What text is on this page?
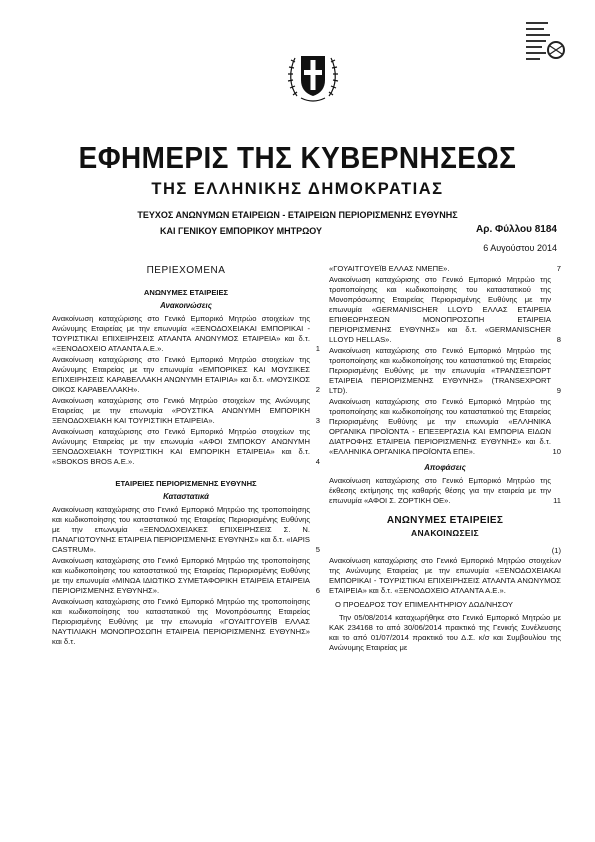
ΕΦΗΜΕΡΙΣ ΤΗΣ ΚΥΒΕΡΝΗΣΕΩΣ
ΤΗΣ ΕΛΛΗΝΙΚΗΣ ΔΗΜΟΚΡΑΤΙΑΣ
ΤΕΥΧΟΣ ΑΝΩΝΥΜΩΝ ΕΤΑΙΡΕΙΩΝ - ΕΤΑΙΡΕΙΩΝ ΠΕΡΙΟΡΙΣΜΕΝΗΣ ΕΥΘΥΝΗΣ
ΚΑΙ ΓΕΝΙΚΟΥ ΕΜΠΟΡΙΚΟΥ ΜΗΤΡΩΟΥ	Αρ. Φύλλου 8184
6 Αυγούστου 2014
ΠΕΡΙΕΧΟΜΕΝΑ
ΑΝΩΝΥΜΕΣ ΕΤΑΙΡΕΙΕΣ
Ανακοινώσεις
Ανακοίνωση καταχώρισης στο Γενικό Εμπορικό Μητρώο στοιχείων της Ανώνυμης Εταιρείας με την επωνυμία «ΞΕΝΟΔΟΧΕΙΑΚΑΙ ΕΜΠΟΡΙΚΑΙ - ΤΟΥΡΙΣΤΙΚΑΙ ΕΠΙΧΕΙΡΗΣΕΙΣ ΑΤΛΑΝΤΑ ΑΝΩΝΥΜΟΣ ΕΤΑΙΡΕΙΑ» και δ.τ. «ΞΕΝΟΔΟΧΕΙΟ ΑΤΛΑΝΤΑ Α.Ε.».	1
Ανακοίνωση καταχώρισης στο Γενικό Εμπορικό Μητρώο στοιχείων της Ανώνυμης Εταιρείας με την επωνυμία «ΕΜΠΟΡΙΚΕΣ ΚΑΙ ΜΟΥΣΙΚΕΣ ΕΠΙΧΕΙΡΗΣΕΙΣ ΚΑΡΑΒΕΛΛΑΚΗ ΑΝΩΝΥΜΗ ΕΤΑΙΡΙΑ» και δ.τ. «ΜΟΥΣΙΚΟΣ ΟΙΚΟΣ ΚΑΡΑΒΕΛΛΑΚΗ».	2
Ανακοίνωση καταχώρισης στο Γενικό Μητρώο στοιχείων της Ανώνυμης Εταιρείας με την επωνυμία «ΡΟΥΣΤΙΚΑ ΑΝΩΝΥΜΗ ΕΜΠΟΡΙΚΗ ΞΕΝΟΔΟΧΕΙΑΚΗ ΚΑΙ ΤΟΥΡΙΣΤΙΚΗ ΕΤΑΙΡΕΙΑ».	3
Ανακοίνωση καταχώρισης στο Γενικό Εμπορικό Μητρώο στοιχείων της Ανώνυμης Εταιρείας με την επωνυμία «ΑΦΟΙ ΣΜΠΟΚΟΥ ΑΝΩΝΥΜΗ ΞΕΝΟΔΟΧΕΙΑΚΗ ΤΟΥΡΙΣΤΙΚΗ ΚΑΙ ΕΜΠΟΡΙΚΗ ΕΤΑΙΡΕΙΑ» και δ.τ. «SBOKOS BROS A.E.».	4
ΕΤΑΙΡΕΙΕΣ ΠΕΡΙΟΡΙΣΜΕΝΗΣ ΕΥΘΥΝΗΣ
Καταστατικά
Ανακοίνωση καταχώρισης στο Γενικό Εμπορικό Μητρώο της τροποποίησης και κωδικοποίησης του καταστατικού της Εταιρείας Περιορισμένης Ευθύνης με την επωνυμία «ΞΕΝΟΔΟΧΕΙΑΚΕΣ ΕΠΙΧΕΙΡΗΣΕΙΣ Σ. Ν. ΠΑΝΑΓΙΩΤΟΥΝΗΣ ΕΤΑΙΡΕΙΑ ΠΕΡΙΟΡΙΣΜΕΝΗΣ ΕΥΘΥΝΗΣ» και δ.τ. «IAPIS CASTRUM».	5
Ανακοίνωση καταχώρισης στο Γενικό Εμπορικό Μητρώο της τροποποίησης και κωδικοποίησης του καταστατικού της Εταιρείας Περιορισμένης Ευθύνης με την επωνυμία «ΜΙΝΩΑ ΙΔΙΩΤΙΚΟ ΣΥΜΕΤΑΦΟΡΙΚΗ ΕΤΑΙΡΕΙΑ ΕΤΑΙΡΕΙΑ ΠΕΡΙΟΡΙΣΜΕΝΗΣ ΕΥΘΥΝΗΣ».	6
Ανακοίνωση καταχώρισης στο Γενικό Εμπορικό Μητρώο της τροποποίησης και κωδικοποίησης του καταστατικού της Μονοπρόσωπης Εταιρείας Περιορισμένης Ευθύνης με την επωνυμία «ΓΟΥΑΙΤΓΟΥΕΪΒ ΕΛΛΑΣ ΝΑΥΤΙΛΙΑΚΗ ΜΟΝΟΠΡΟΣΩΠΗ ΕΤΑΙΡΕΙΑ ΠΕΡΙΟΡΙΣΜΕΝΗΣ ΕΥΘΥΝΗΣ» και δ.τ.
«ΓΟΥΑΙΤΓΟΥΕΪΒ ΕΛΛΑΣ ΝΜΕΠΕ».	7
Ανακοίνωση καταχώρισης στο Γενικό Εμπορικό Μητρώο της τροποποίησης και κωδικοποίησης του καταστατικού της Μονοπρόσωπης Εταιρείας Περιορισμένης Ευθύνης με την επωνυμία «GERMANISCHER LLOYD ΕΛΛΑΣ ΕΤΑΙΡΕΙΑ ΕΠΙΘΕΩΡΗΣΕΩΝ ΜΟΝΟΠΡΟΣΩΠΗ ΕΤΑΙΡΕΙΑ ΠΕΡΙΟΡΙΣΜΕΝΗΣ ΕΥΘΥΝΗΣ» και δ.τ. «GERMANISCHER LLOYD HELLAS».	8
Ανακοίνωση καταχώρισης στο Γενικό Εμπορικό Μητρώο της τροποποίησης και κωδικοποίησης του καταστατικού της Εταιρείας Περιορισμένης Ευθύνης με την επωνυμία «ΤΡΑΝΣΕΞΠΟΡΤ ΕΤΑΙΡΕΙΑ ΠΕΡΙΟΡΙΣΜΕΝΗΣ ΕΥΘΥΝΗΣ» (TRANSEXPORT LTD).	9
Ανακοίνωση καταχώρισης στο Γενικό Εμπορικό Μητρώο της τροποποίησης και κωδικοποίησης του καταστατικού της Εταιρείας Περιορισμένης Ευθύνης με την επωνυμία «ΕΛΛΗΝΙΚΑ ΟΡΓΑΝΙΚΑ ΠΡΟΪΟΝΤΑ - ΕΠΕΞΕΡΓΑΣΙΑ ΚΑΙ ΕΜΠΟΡΙΑ ΕΙΔΩΝ ΔΙΑΤΡΟΦΗΣ ΕΤΑΙΡΕΙΑ ΠΕΡΙΟΡΙΣΜΕΝΗΣ ΕΥΘΥΝΗΣ» και δ.τ. «ΕΛΛΗΝΙΚΑ ΟΡΓΑΝΙΚΑ ΠΡΟΪΟΝΤΑ ΕΠΕ».	10
Αποφάσεις
Ανακοίνωση καταχώρισης στο Γενικό Εμπορικό Μητρώο της έκθεσης εκτίμησης της καθαρής θέσης για την εταιρεία με την επωνυμία «ΑΦΟΙ Σ. ΖΟΡΤΙΚΗ ΟΕ».	11
ΑΝΩΝΥΜΕΣ ΕΤΑΙΡΕΙΕΣ
ΑΝΑΚΟΙΝΩΣΕΙΣ
(1)
Ανακοίνωση καταχώρισης στο Γενικό Εμπορικό Μητρώο στοιχείων της Ανώνυμης Εταιρείας με την επωνυμία «ΞΕΝΟΔΟΧΕΙΑΚΑΙ ΕΜΠΟΡΙΚΑΙ - ΤΟΥΡΙΣΤΙΚΑΙ ΕΠΙΧΕΙΡΗΣΕΙΣ ΑΤΛΑΝΤΑ ΑΝΩΝΥΜΟΣ ΕΤΑΙΡΕΙΑ» και δ.τ. «ΞΕΝΟΔΟΧΕΙΟ ΑΤΛΑΝΤΑ Α.Ε.».
Ο ΠΡΟΕΔΡΟΣ ΤΟΥ ΕΠΙΜΕΛΗΤΗΡΙΟΥ ΔΩΔ/ΝΗΣΟΥ
Την 05/08/2014 καταχωρήθηκε στο Γενικό Εμπορικό Μητρώο με ΚΑΚ 234168 το από 30/06/2014 πρακτικό της Γενικής Συνέλευσης και το από 01/07/2014 πρακτικό του Δ.Σ. κ/σ και Συμβουλίου της Ανώνυμης Εταιρείας με
